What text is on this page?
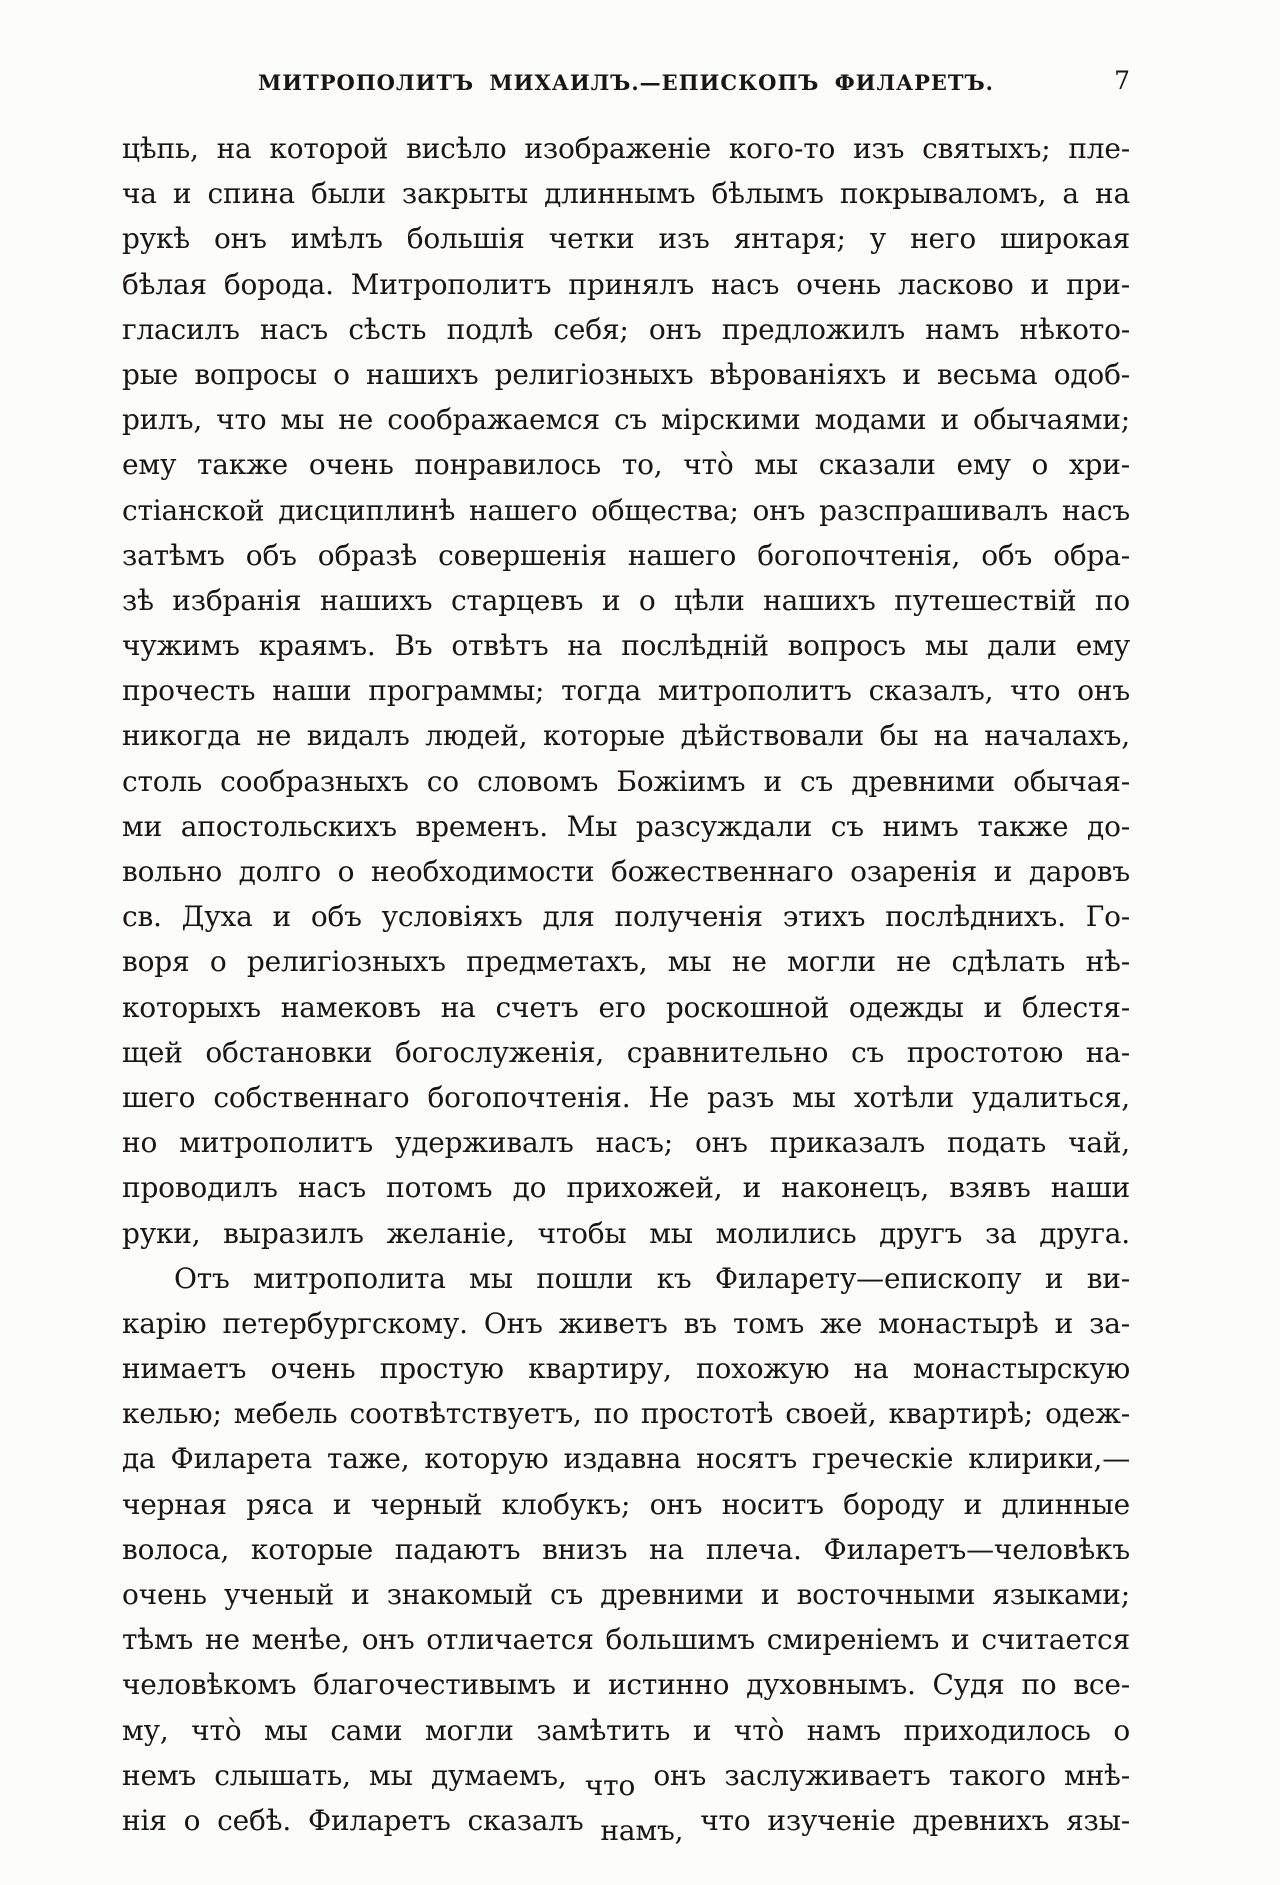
МИТРОПОЛИТЪ МИХАИЛЪ.—ЕПИСКОПЪ ФИЛАРЕТЪ.	7
цѣпь, на которой висѣло изображеніе кого-то изъ святыхъ; пле-
ча и спина были закрыты длиннымъ бѣлымъ покрываломъ, а на
рукѣ онъ имѣлъ большія четки изъ янтаря; у него широкая
бѣлая борода. Митрополитъ принялъ насъ очень ласково и при-
гласилъ насъ сѣсть подлѣ себя; онъ предложилъ намъ нѣкото-
рые вопросы о нашихъ религіозныхъ вѣрованіяхъ и весьма одоб-
рилъ, что мы не соображаемся съ мірскими модами и обычаями;
ему также очень понравилось то, что̀ мы сказали ему о хри-
стіанской дисциплинѣ нашего общества; онъ разспрашивалъ насъ
затѣмъ объ образѣ совершенія нашего богопочтенія, объ обра-
зѣ избранія нашихъ старцевъ и о цѣли нашихъ путешествій по
чужимъ краямъ. Въ отвѣтъ на послѣдній вопросъ мы дали ему
прочесть наши программы; тогда митрополитъ сказалъ, что онъ
никогда не видалъ людей, которые дѣйствовали бы на началахъ,
столь сообразныхъ со словомъ Божіимъ и съ древними обычая-
ми апостольскихъ временъ. Мы разсуждали съ нимъ также до-
вольно долго о необходимости божественнаго озаренія и даровъ
св. Духа и объ условіяхъ для полученія этихъ послѣднихъ. Го-
воря о религіозныхъ предметахъ, мы не могли не сдѣлать нѣ-
которыхъ намековъ на счетъ его роскошной одежды и блестя-
щей обстановки богослуженія, сравнительно съ простотою на-
шего собственнаго богопочтенія. Не разъ мы хотѣли удалиться,
но митрополитъ удерживалъ насъ; онъ приказалъ подать чай,
проводилъ насъ потомъ до прихожей, и наконецъ, взявъ наши
руки, выразилъ желаніе, чтобы мы молились другъ за друга.
Отъ митрополита мы пошли къ Филарету—епископу и ви-
карію петербургскому. Онъ живетъ въ томъ же монастырѣ и за-
нимаетъ очень простую квартиру, похожую на монастырскую
келью; мебель соотвѣтствуетъ, по простотѣ своей, квартирѣ; одеж-
да Филарета таже, которую издавна носятъ греческіе клирики,—
черная ряса и черный клобукъ; онъ носитъ бороду и длинные
волоса, которые падаютъ внизъ на плеча. Филаретъ—человѣкъ
очень ученый и знакомый съ древними и восточными языками;
тѣмъ не менѣе, онъ отличается большимъ смиреніемъ и считается
человѣкомъ благочестивымъ и истинно духовнымъ. Судя по все-
му, что̀ мы сами могли замѣтить и что̀ намъ приходилось о
немъ слышать, мы думаемъ, что онъ заслуживаетъ такого мнѣ-
нія о себѣ. Филаретъ сказалъ намъ, что изученіе древнихъ язы-
